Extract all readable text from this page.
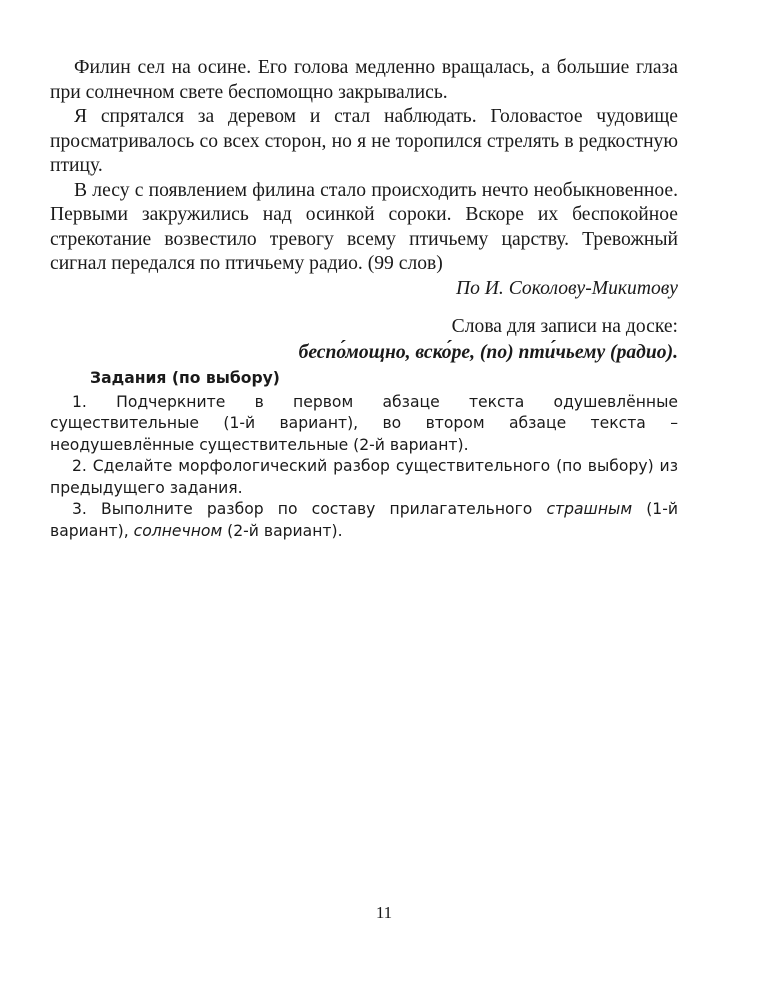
Филин сел на осине. Его голова медленно вращалась, а большие глаза при солнечном свете беспомощно закрывались.

Я спрятался за деревом и стал наблюдать. Головастое чудовище просматривалось со всех сторон, но я не торопился стрелять в редкостную птицу.

В лесу с появлением филина стало происходить нечто необыкновенное. Первыми закружились над осинкой сороки. Вскоре их беспокойное стрекотание возвестило тревогу всему птичьему царству. Тревожный сигнал передался по птичьему радио. (99 слов)

По И. Соколову-Микитову
Слова для записи на доске:
беспо́мощно, вско́ре, (по) пти́чьему (радио).
Задания (по выбору)

1. Подчеркните в первом абзаце текста одушевлённые существительные (1-й вариант), во втором абзаце текста – неодушевлённые существительные (2-й вариант).

2. Сделайте морфологический разбор существительного (по выбору) из предыдущего задания.

3. Выполните разбор по составу прилагательного страшным (1-й вариант), солнечном (2-й вариант).

11
